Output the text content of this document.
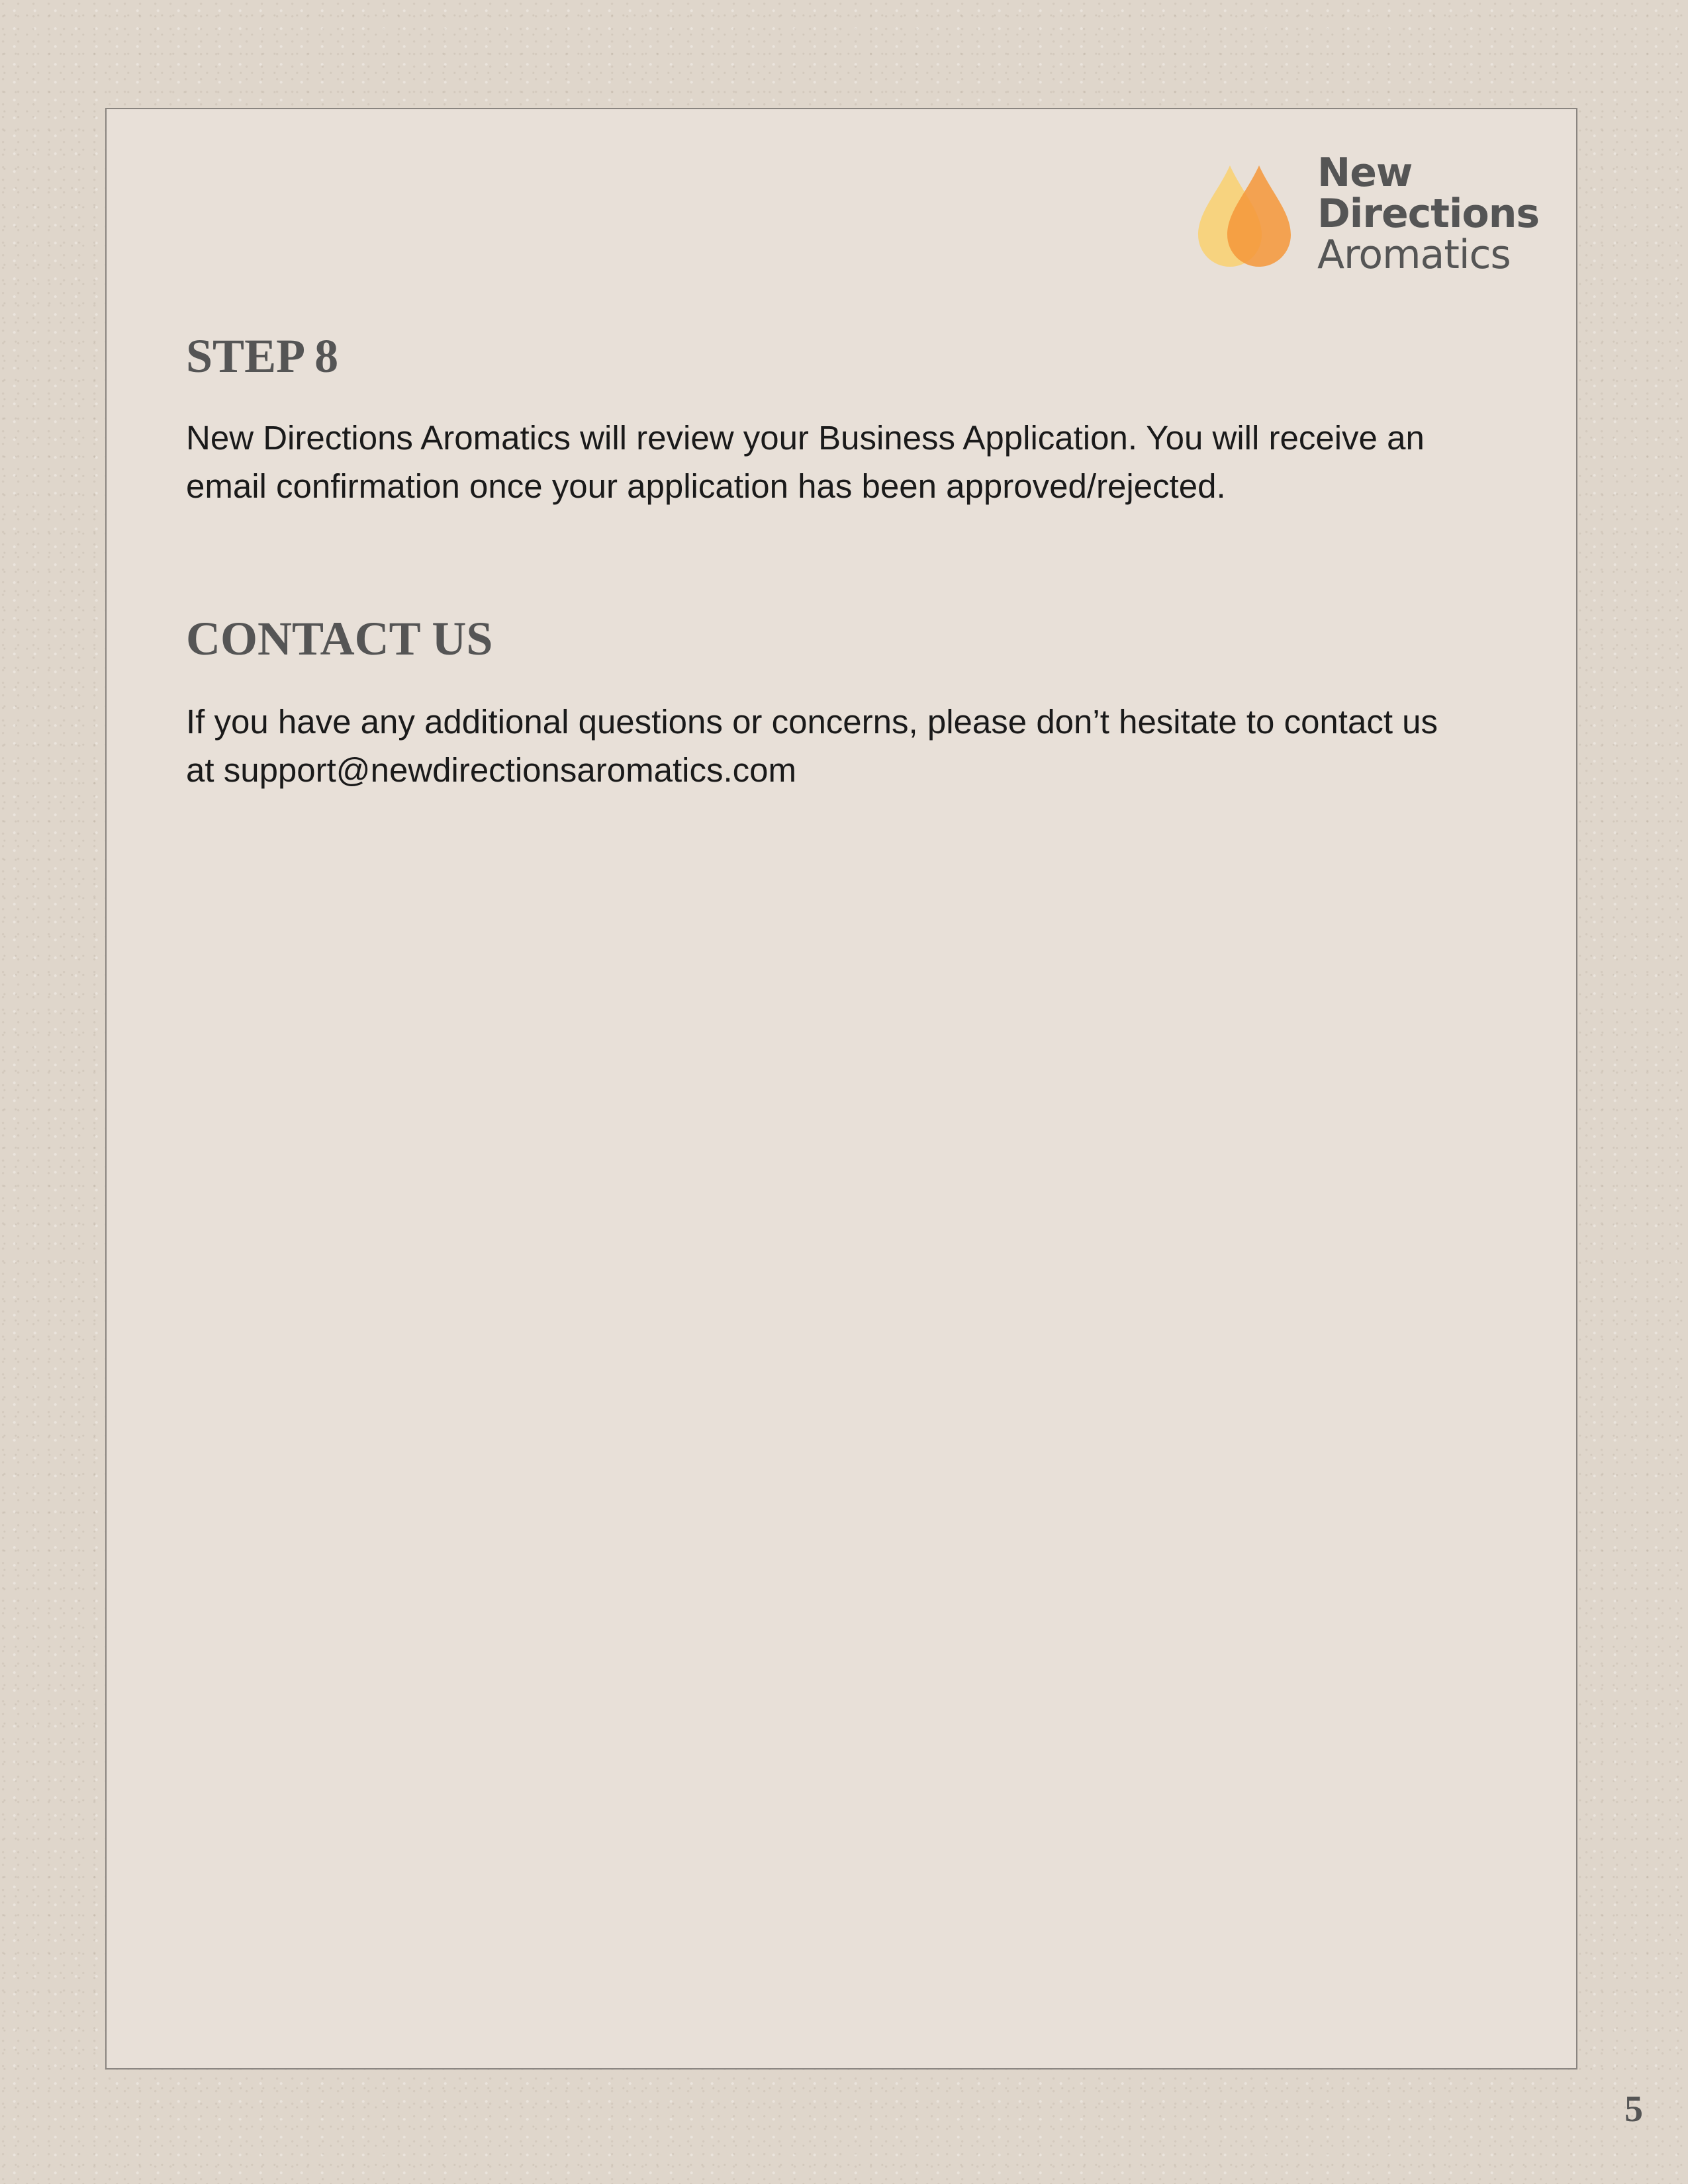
New
Directions
Aromatics
STEP 8

New Directions Aromatics will review your Business Application. You will receive an
email confirmation once your application has been approved/rejected.

CONTACT US

If you have any additional questions or concerns, please don’t hesitate to contact us
at support@newdirectionsaromatics.com

5
